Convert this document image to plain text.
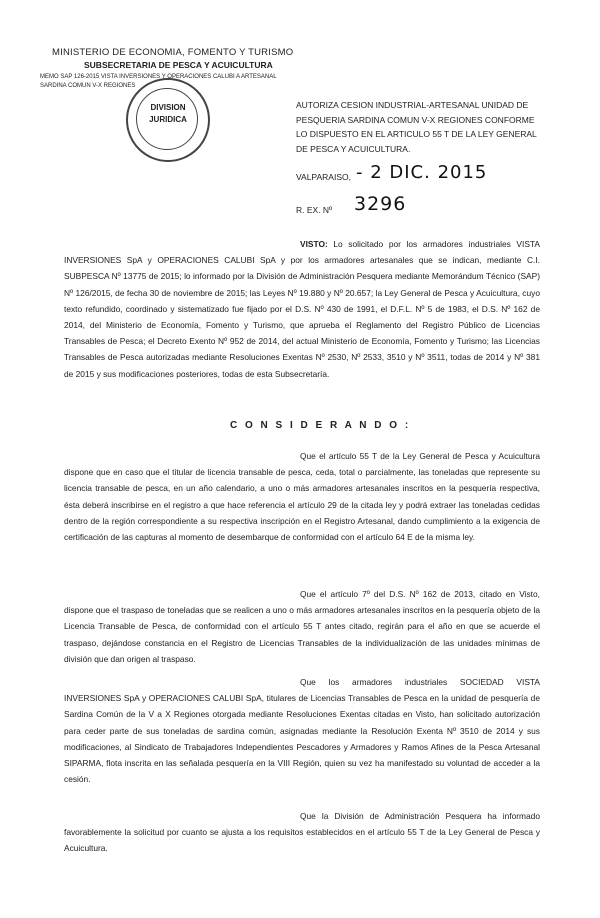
MINISTERIO DE ECONOMIA, FOMENTO Y TURISMO
SUBSECRETARIA DE PESCA Y ACUICULTURA
MEMO SAP 126-2015 VISTA INVERSIONES Y OPERACIONES CALUBI A ARTESANAL SARDINA COMUN V-X REGIONES
DIVISION
JURIDICA
AUTORIZA CESION INDUSTRIAL-ARTESANAL UNIDAD DE PESQUERIA SARDINA COMUN V-X REGIONES CONFORME LO DISPUESTO EN EL ARTICULO 55 T DE LA LEY GENERAL DE PESCA Y ACUICULTURA.
VALPARAISO, - 2 DIC. 2015
R. EX. Nº 3296
VISTO: Lo solicitado por los armadores industriales VISTA INVERSIONES SpA y OPERACIONES CALUBI SpA y por los armadores artesanales que se indican, mediante C.I. SUBPESCA Nº 13775 de 2015; lo informado por la División de Administración Pesquera mediante Memorándum Técnico (SAP) Nº 126/2015, de fecha 30 de noviembre de 2015; las Leyes Nº 19.880 y Nº 20.657; la Ley General de Pesca y Acuicultura, cuyo texto refundido, coordinado y sistematizado fue fijado por el D.S. Nº 430 de 1991, el D.F.L. Nº 5 de 1983, el D.S. Nº 162 de 2014, del Ministerio de Economía, Fomento y Turismo, que aprueba el Reglamento del Registro Público de Licencias Transables de Pesca; el Decreto Exento Nº 952 de 2014, del actual Ministerio de Economía, Fomento y Turismo; las Licencias Transables de Pesca autorizadas mediante Resoluciones Exentas Nº 2530, Nº 2533, 3510 y Nº 3511, todas de 2014 y Nº 381 de 2015 y sus modificaciones posteriores, todas de esta Subsecretaría.
C O N S I D E R A N D O :
Que el artículo 55 T de la Ley General de Pesca y Acuicultura dispone que en caso que el titular de licencia transable de pesca, ceda, total o parcialmente, las toneladas que represente su licencia transable de pesca, en un año calendario, a uno o más armadores artesanales inscritos en la pesquería respectiva, ésta deberá inscribirse en el registro a que hace referencia el artículo 29 de la citada ley y podrá extraer las toneladas cedidas dentro de la región correspondiente a su respectiva inscripción en el Registro Artesanal, dando cumplimiento a la exigencia de certificación de las capturas al momento de desembarque de conformidad con el artículo 64 E de la misma ley.
Que el artículo 7º del D.S. Nº 162 de 2013, citado en Visto, dispone que el traspaso de toneladas que se realicen a uno o más armadores artesanales inscritos en la pesquería objeto de la Licencia Transable de Pesca, de conformidad con el artículo 55 T antes citado, regirán para el año en que se acuerde el traspaso, dejándose constancia en el Registro de Licencias Transables de la individualización de las unidades mínimas de división que dan origen al traspaso.
Que los armadores industriales SOCIEDAD VISTA INVERSIONES SpA y OPERACIONES CALUBI SpA, titulares de Licencias Transables de Pesca en la unidad de pesquería de Sardina Común de la V a X Regiones otorgada mediante Resoluciones Exentas citadas en Visto, han solicitado autorización para ceder parte de sus toneladas de sardina común, asignadas mediante la Resolución Exenta Nº 3510 de 2014 y sus modificaciones, al Sindicato de Trabajadores Independientes Pescadores y Armadores y Ramos Afines de la Pesca Artesanal SIPARMA, flota inscrita en las señalada pesquería en la VIII Región, quien su vez ha manifestado su voluntad de acceder a la cesión.
Que la División de Administración Pesquera ha informado favorablemente la solicitud por cuanto se ajusta a los requisitos establecidos en el artículo 55 T de la Ley General de Pesca y Acuicultura.
